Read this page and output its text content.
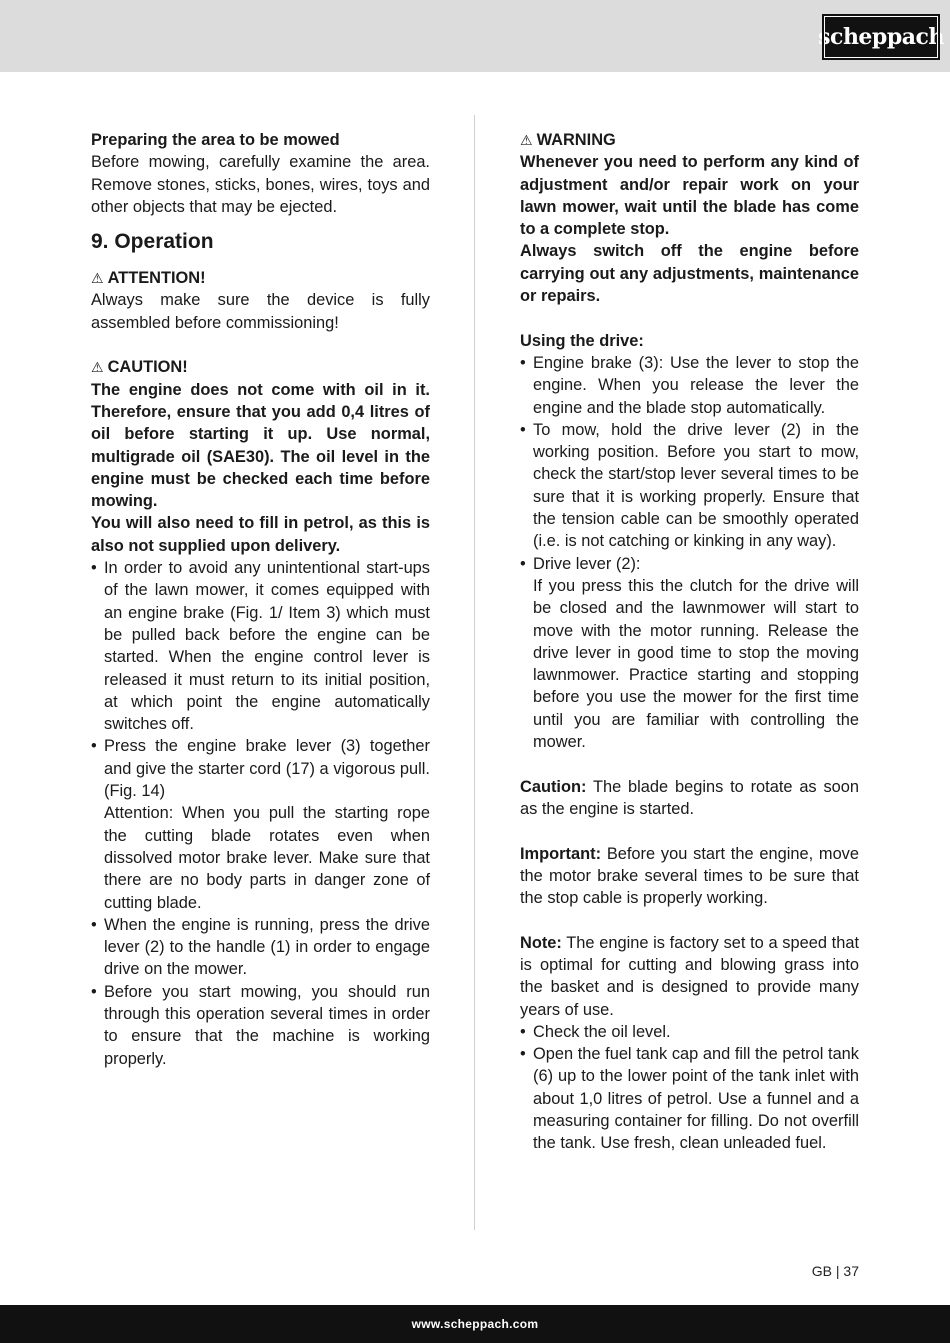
scheppach

Preparing the area to be mowed

Before mowing, carefully examine the area. Remove stones, sticks, bones, wires, toys and other objects that may be ejected.

9. Operation

⚠ ATTENTION!

Always make sure the device is fully assembled before commissioning!

⚠ CAUTION!

The engine does not come with oil in it. Therefore, ensure that you add 0,4 litres of oil before starting it up. Use normal, multigrade oil (SAE30). The oil level in the engine must be checked each time before mowing.

You will also need to fill in petrol, as this is also not supplied upon delivery.

• In order to avoid any unintentional start-ups of the lawn mower, it comes equipped with an engine brake (Fig. 1/ Item 3) which must be pulled back before the engine can be started. When the engine control lever is released it must return to its initial position, at which point the engine automatically switches off.
• Press the engine brake lever (3) together and give the starter cord (17) a vigorous pull. (Fig. 14)

Attention: When you pull the starting rope the cutting blade rotates even when dissolved motor brake lever. Make sure that there are no body parts in danger zone of cutting blade.

• When the engine is running, press the drive lever (2) to the handle (1) in order to engage drive on the mower.
• Before you start mowing, you should run through this operation several times in order to ensure that the machine is working properly.

⚠ WARNING

Whenever you need to perform any kind of adjustment and/or repair work on your lawn mower, wait until the blade has come to a complete stop.

Always switch off the engine before carrying out any adjustments, maintenance or repairs.

Using the drive:

• Engine brake (3): Use the lever to stop the engine. When you release the lever the engine and the blade stop automatically.
• To mow, hold the drive lever (2) in the working position. Before you start to mow, check the start/stop lever several times to be sure that it is working properly. Ensure that the tension cable can be smoothly operated (i.e. is not catching or kinking in any way).
• Drive lever (2):

If you press this the clutch for the drive will be closed and the lawnmower will start to move with the motor running. Release the drive lever in good time to stop the moving lawnmower. Practice starting and stopping before you use the mower for the first time until you are familiar with controlling the mower.

Caution: The blade begins to rotate as soon as the engine is started.

Important: Before you start the engine, move the motor brake several times to be sure that the stop cable is properly working.

Note: The engine is factory set to a speed that is optimal for cutting and blowing grass into the basket and is designed to provide many years of use.

• Check the oil level.
• Open the fuel tank cap and fill the petrol tank (6) up to the lower point of the tank inlet with about 1,0 litres of petrol. Use a funnel and a measuring container for filling. Do not overfill the tank. Use fresh, clean unleaded fuel.
GB | 37
www.scheppach.com
